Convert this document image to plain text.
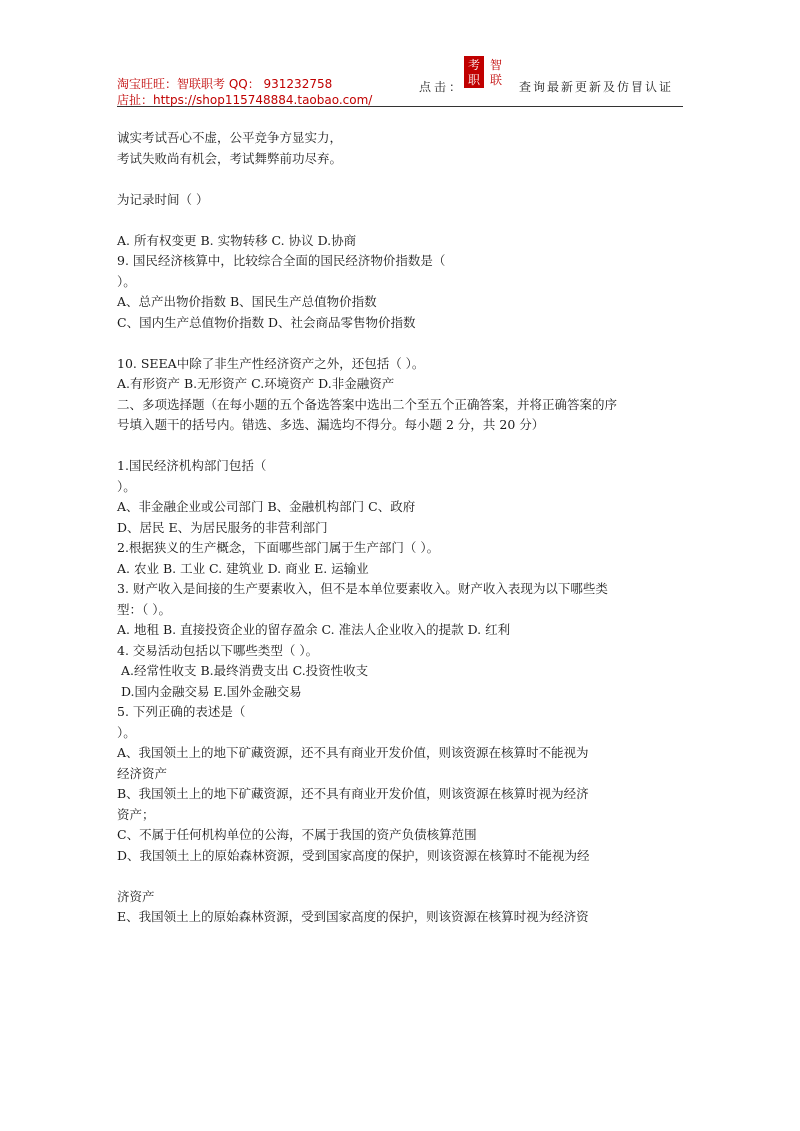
淘宝旺旺：智联职考 QQ： 931232758
店扯：https://shop115748884.taobao.com/
点击：
考
职
智
联 查询最新更新及仿冒认证
诚实考试吾心不虚，公平竞争方显实力，
考试失败尚有机会，考试舞弊前功尽弃。
为记录时间（ ）
A. 所有权变更 B. 实物转移 C. 协议 D.协商
9. 国民经济核算中，比较综合全面的国民经济物价指数是（
）。
A、总产出物价指数 B、国民生产总值物价指数
C、国内生产总值物价指数 D、社会商品零售物价指数
10. SEEA中除了非生产性经济资产之外，还包括（ ）。
A.有形资产 B.无形资产 C.环境资产 D.非金融资产
二、多项选择题（在每小题的五个备选答案中选出二个至五个正确答案，并将正确答案的序
号填入题干的括号内。错选、多选、漏选均不得分。每小题 2 分，共 20 分）
1.国民经济机构部门包括（
）。
A、非金融企业或公司部门 B、金融机构部门 C、政府
D、居民 E、为居民服务的非营利部门
2.根据狭义的生产概念，下面哪些部门属于生产部门（ ）。
A. 农业 B. 工业 C. 建筑业 D. 商业 E. 运输业
3. 财产收入是间接的生产要素收入，但不是本单位要素收入。财产收入表现为以下哪些类
型：（ ）。
A. 地租 B. 直接投资企业的留存盈余 C. 准法人企业收入的提款 D. 红利
4. 交易活动包括以下哪些类型（ ）。
A.经常性收支 B.最终消费支出 C.投资性收支
D.国内金融交易 E.国外金融交易
5. 下列正确的表述是（
）。
A、我国领土上的地下矿藏资源，还不具有商业开发价值，则该资源在核算时不能视为
经济资产
B、我国领土上的地下矿藏资源，还不具有商业开发价值，则该资源在核算时视为经济
资产；
C、不属于任何机构单位的公海，不属于我国的资产负债核算范围
D、我国领土上的原始森林资源，受到国家高度的保护，则该资源在核算时不能视为经
济资产
E、我国领土上的原始森林资源，受到国家高度的保护，则该资源在核算时视为经济资
